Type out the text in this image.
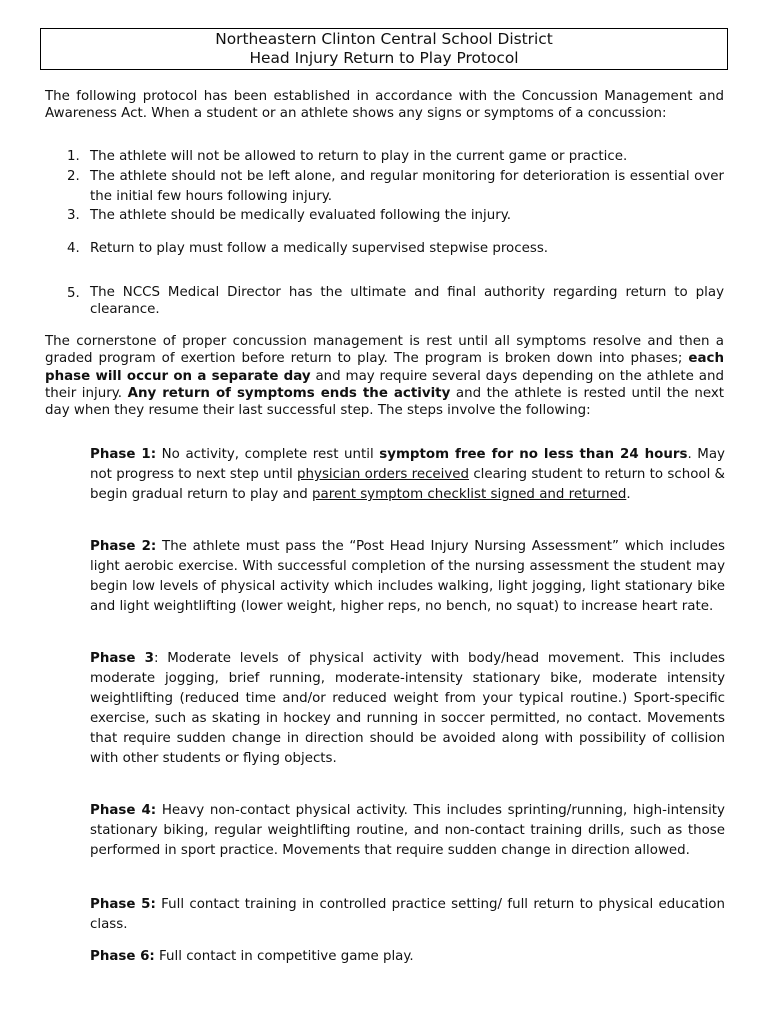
Northeastern Clinton Central School District
Head Injury Return to Play Protocol
The following protocol has been established in accordance with the Concussion Management and Awareness Act. When a student or an athlete shows any signs or symptoms of a concussion:
1. The athlete will not be allowed to return to play in the current game or practice.
2. The athlete should not be left alone, and regular monitoring for deterioration is essential over the initial few hours following injury.
3. The athlete should be medically evaluated following the injury.
4. Return to play must follow a medically supervised stepwise process.
5. The NCCS Medical Director has the ultimate and final authority regarding return to play clearance.
The cornerstone of proper concussion management is rest until all symptoms resolve and then a graded program of exertion before return to play. The program is broken down into phases; each phase will occur on a separate day and may require several days depending on the athlete and their injury. Any return of symptoms ends the activity and the athlete is rested until the next day when they resume their last successful step. The steps involve the following:
Phase 1: No activity, complete rest until symptom free for no less than 24 hours. May not progress to next step until physician orders received clearing student to return to school & begin gradual return to play and parent symptom checklist signed and returned.
Phase 2: The athlete must pass the “Post Head Injury Nursing Assessment” which includes light aerobic exercise. With successful completion of the nursing assessment the student may begin low levels of physical activity which includes walking, light jogging, light stationary bike and light weightlifting (lower weight, higher reps, no bench, no squat) to increase heart rate.
Phase 3: Moderate levels of physical activity with body/head movement. This includes moderate jogging, brief running, moderate-intensity stationary bike, moderate intensity weightlifting (reduced time and/or reduced weight from your typical routine.) Sport-specific exercise, such as skating in hockey and running in soccer permitted, no contact. Movements that require sudden change in direction should be avoided along with possibility of collision with other students or flying objects.
Phase 4: Heavy non-contact physical activity. This includes sprinting/running, high-intensity stationary biking, regular weightlifting routine, and non-contact training drills, such as those performed in sport practice. Movements that require sudden change in direction allowed.
Phase 5: Full contact training in controlled practice setting/ full return to physical education class.
Phase 6: Full contact in competitive game play.
